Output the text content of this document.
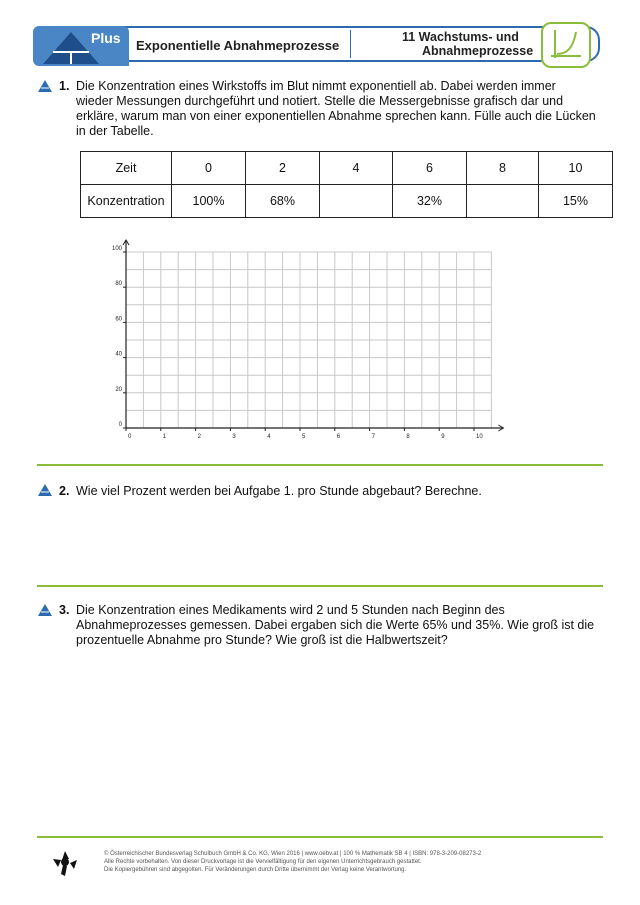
Plus Exponentielle Abnahmeprozesse
11 Wachstums- und
Abnahmeprozesse
1. Die Konzentration eines Wirkstoffs im Blut nimmt exponentiell ab. Dabei werden immer wieder Messungen durchgeführt und notiert. Stelle die Messergebnisse grafisch dar und erkläre, warum man von einer exponentiellen Abnahme sprechen kann. Fülle auch die Lücken in der Tabelle.
Zeit	0	2	4	6	8	10
Konzentration	100%	68%		32%		15%
0	1	2	3	4	5	6	7	8	9	10
0
20
40
60
80
100
2. Wie viel Prozent werden bei Aufgabe 1. pro Stunde abgebaut? Berechne.
3. Die Konzentration eines Medikaments wird 2 und 5 Stunden nach Beginn des Abnahmeprozesses gemessen. Dabei ergaben sich die Werte 65% und 35%. Wie groß ist die prozentuelle Abnahme pro Stunde? Wie groß ist die Halbwertszeit?
© Österreichischer Bundesverlag Schulbuch GmbH & Co. KG, Wien 2016 | www.oebv.at | 100 % Mathematik SB 4 | ISBN: 978-3-209-08273-2
Alle Rechte vorbehalten. Von dieser Druckvorlage ist die Vervielfältigung für den eigenen Unterrichtsgebrauch gestattet.
Die Kopiergebühren sind abgegolten. Für Veränderungen durch Dritte übernimmt der Verlag keine Verantwortung.
